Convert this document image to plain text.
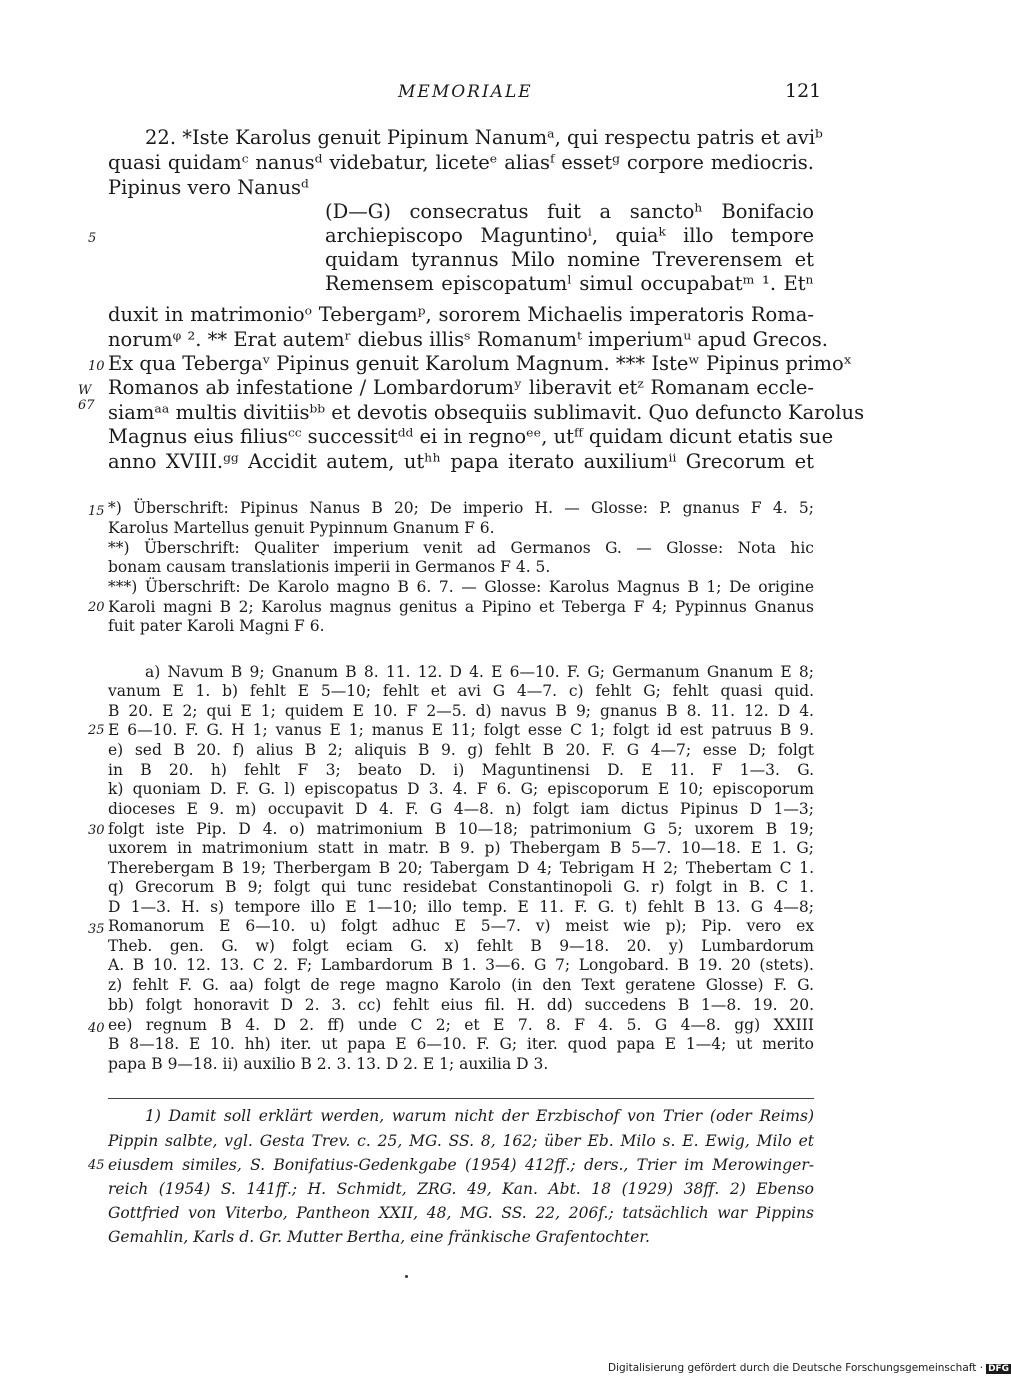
MEMORIALE	121
5
10
W 67
15
20
25
30
35
40
45
22. *Iste Karolus genuit Pipinum Nanumᵃ, qui respectu patris et aviᵇ
quasi quidamᶜ nanusᵈ videbatur, liceteᵉ aliasᶠ essetᵍ corpore mediocris.
Pipinus vero Nanusᵈ
(D—G) consecratus fuit a sanctoʰ Bonifacio
archiepiscopo Maguntinoⁱ, quiaᵏ illo tempore
quidam tyrannus Milo nomine Treverensem et
Remensem episcopatumˡ simul occupabatᵐ ¹. Etⁿ
duxit in matrimonioᵒ Tebergamᵖ, sororem Michaelis imperatoris Roma-
norumᵠ ². ** Erat autemʳ diebus illisˢ Romanumᵗ imperiumᵘ apud Grecos.
Ex qua Tebergaᵛ Pipinus genuit Karolum Magnum. *** Isteʷ Pipinus primoˣ
Romanos ab infestatione / Lombardorumʸ liberavit etᶻ Romanam eccle-
siamᵃᵃ multis divitiisᵇᵇ et devotis obsequiis sublimavit. Quo defuncto Karolus
Magnus eius filiusᶜᶜ successitᵈᵈ ei in regnoᵉᵉ, utᶠᶠ quidam dicunt etatis sue
anno XVIII.ᵍᵍ Accidit autem, utʰʰ papa iterato auxiliumⁱⁱ Grecorum et
*) Überschrift: Pipinus Nanus B 20; De imperio H. — Glosse: P. gnanus F 4. 5;
Karolus Martellus genuit Pypinnum Gnanum F 6.
**) Überschrift: Qualiter imperium venit ad Germanos G. — Glosse: Nota hic
bonam causam translationis imperii in Germanos F 4. 5.
***) Überschrift: De Karolo magno B 6. 7. — Glosse: Karolus Magnus B 1; De origine
Karoli magni B 2; Karolus magnus genitus a Pipino et Teberga F 4; Pypinnus Gnanus
fuit pater Karoli Magni F 6.
a) Navum B 9; Gnanum B 8. 11. 12. D 4. E 6—10. F. G; Germanum Gnanum E 8;
vanum E 1. b) fehlt E 5—10; fehlt et avi G 4—7. c) fehlt G; fehlt quasi quid.
B 20. E 2; qui E 1; quidem E 10. F 2—5. d) navus B 9; gnanus B 8. 11. 12. D 4.
E 6—10. F. G. H 1; vanus E 1; manus E 11; folgt esse C 1; folgt id est patruus B 9.
e) sed B 20. f) alius B 2; aliquis B 9. g) fehlt B 20. F. G 4—7; esse D; folgt
in B 20. h) fehlt F 3; beato D. i) Maguntinensi D. E 11. F 1—3. G.
k) quoniam D. F. G. l) episcopatus D 3. 4. F 6. G; episcoporum E 10; episcoporum
dioceses E 9. m) occupavit D 4. F. G 4—8. n) folgt iam dictus Pipinus D 1—3;
folgt iste Pip. D 4. o) matrimonium B 10—18; patrimonium G 5; uxorem B 19;
uxorem in matrimonium statt in matr. B 9. p) Thebergam B 5—7. 10—18. E 1. G;
Therebergam B 19; Therbergam B 20; Tabergam D 4; Tebrigam H 2; Thebertam C 1.
q) Grecorum B 9; folgt qui tunc residebat Constantinopoli G. r) folgt in B. C 1.
D 1—3. H. s) tempore illo E 1—10; illo temp. E 11. F. G. t) fehlt B 13. G 4—8;
Romanorum E 6—10. u) folgt adhuc E 5—7. v) meist wie p); Pip. vero ex
Theb. gen. G. w) folgt eciam G. x) fehlt B 9—18. 20. y) Lumbardorum
A. B 10. 12. 13. C 2. F; Lambardorum B 1. 3—6. G 7; Longobard. B 19. 20 (stets).
z) fehlt F. G. aa) folgt de rege magno Karolo (in den Text geratene Glosse) F. G.
bb) folgt honoravit D 2. 3. cc) fehlt eius fil. H. dd) succedens B 1—8. 19. 20.
ee) regnum B 4. D 2. ff) unde C 2; et E 7. 8. F 4. 5. G 4—8. gg) XXIII
B 8—18. E 10. hh) iter. ut papa E 6—10. F. G; iter. quod papa E 1—4; ut merito
papa B 9—18. ii) auxilio B 2. 3. 13. D 2. E 1; auxilia D 3.
1) Damit soll erklärt werden, warum nicht der Erzbischof von Trier (oder Reims)
Pippin salbte, vgl. Gesta Trev. c. 25, MG. SS. 8, 162; über Eb. Milo s. E. Ewig, Milo et
eiusdem similes, S. Bonifatius-Gedenkgabe (1954) 412ff.; ders., Trier im Merowinger-
reich (1954) S. 141ff.; H. Schmidt, ZRG. 49, Kan. Abt. 18 (1929) 38ff. 2) Ebenso
Gottfried von Viterbo, Pantheon XXII, 48, MG. SS. 22, 206f.; tatsächlich war Pippins
Gemahlin, Karls d. Gr. Mutter Bertha, eine fränkische Grafentochter.
Digitalisierung gefördert durch die Deutsche Forschungsgemeinschaft · DFG
